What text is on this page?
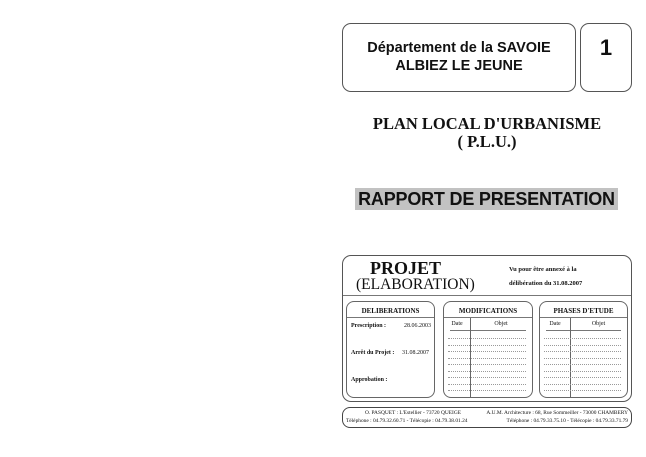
Département de la SAVOIE
ALBIEZ LE JEUNE
1
PLAN LOCAL D'URBANISME
( P.L.U.)
RAPPORT DE PRESENTATION
PROJET
(ELABORATION)
Vu pour être annexé à la
délibération du 31.08.2007
DELIBERATIONS
Prescription :	28.06.2003
Arrêt du Projet : 31.08.2007
Approbation :
MODIFICATIONS
Date	Objet
PHASES D'ETUDE
Date	Objet
O. PASQUET : L'Estellier - 73720 QUEIGE
Téléphone : 04.79.32.60.71 - Télécopie : 04.79.38.01.24
A.U.M. Architecture : 68, Rue Sommeiller - 73000 CHAMBERY
Téléphone : 04.79.33.75.10 - Télécopie : 04.79.33.71.79
